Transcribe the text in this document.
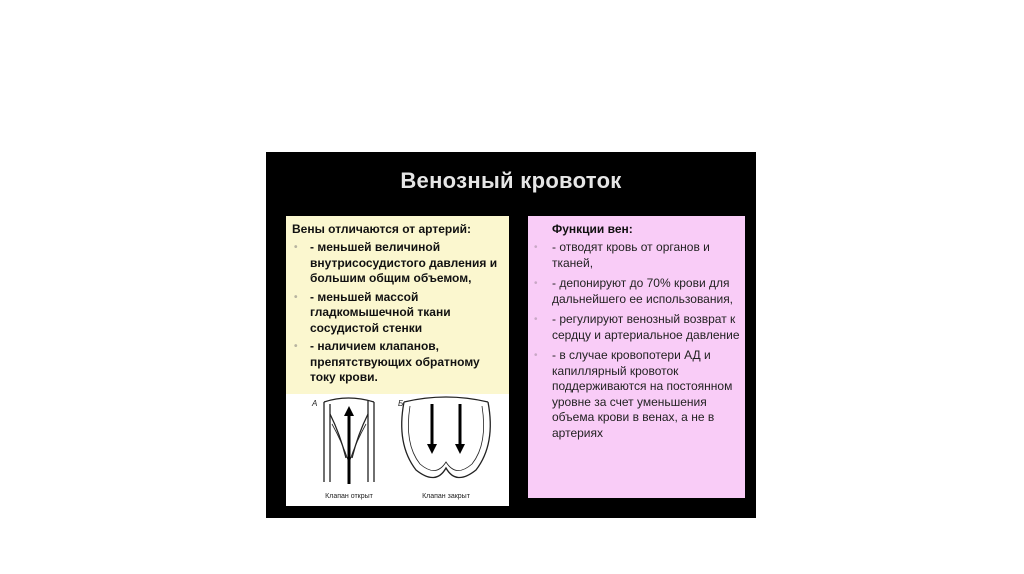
Венозный кровоток
Вены отличаются от артерий:
• - меньшей величиной внутрисосудистого давления и большим общим объемом,
• - меньшей массой гладкомышечной ткани сосудистой стенки
• - наличием клапанов, препятствующих обратному току крови.
А	Б
Клапан открыт	Клапан закрыт
Функции вен:
• - отводят кровь от органов и тканей,
• - депонируют до 70% крови для дальнейшего ее использования,
• - регулируют венозный возврат к сердцу и артериальное давление
• - в случае кровопотери АД и капиллярный кровоток поддерживаются на постоянном уровне за счет уменьшения объема крови в венах, а не в артериях
